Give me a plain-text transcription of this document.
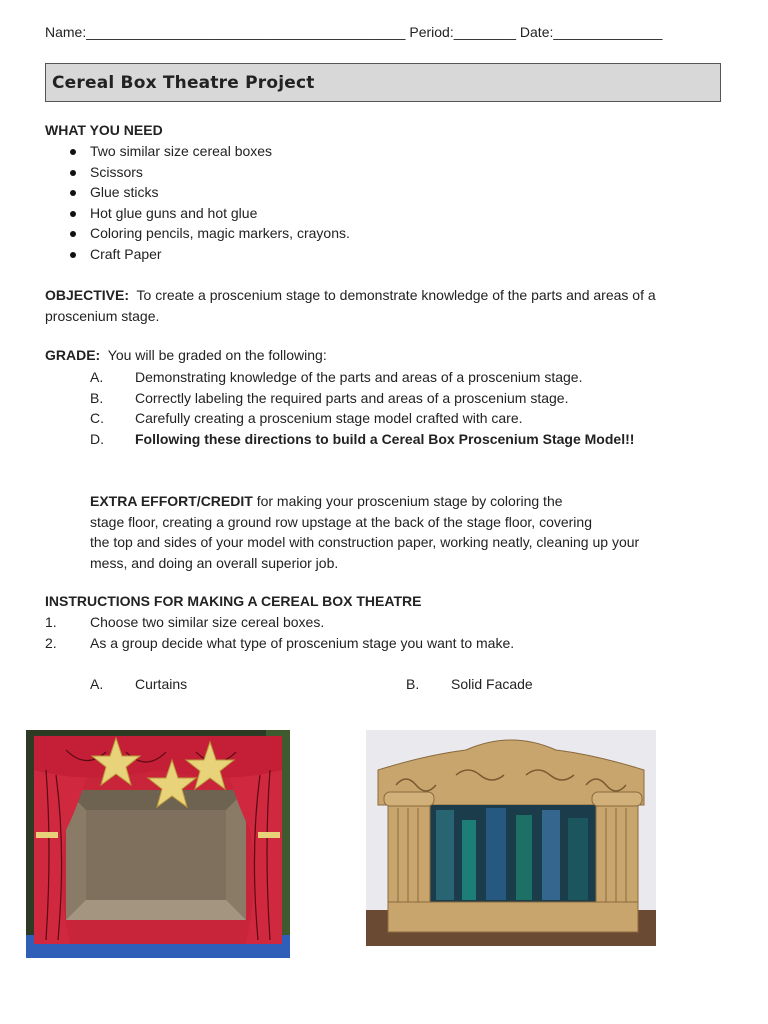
Name:_________________________________________ Period:________ Date:______________
Cereal Box Theatre Project
WHAT YOU NEED
Two similar size cereal boxes
Scissors
Glue sticks
Hot glue guns and hot glue
Coloring pencils, magic markers, crayons.
Craft Paper
OBJECTIVE: To create a proscenium stage to demonstrate knowledge of the parts and areas of a proscenium stage.
GRADE: You will be graded on the following:
A. Demonstrating knowledge of the parts and areas of a proscenium stage.
B. Correctly labeling the required parts and areas of a proscenium stage.
C. Carefully creating a proscenium stage model crafted with care.
D. Following these directions to build a Cereal Box Proscenium Stage Model!!
EXTRA EFFORT/CREDIT for making your proscenium stage by coloring the
stage floor, creating a ground row upstage at the back of the stage floor, covering
the top and sides of your model with construction paper, working neatly, cleaning up your
mess, and doing an overall superior job.
INSTRUCTIONS FOR MAKING A CEREAL BOX THEATRE
1. Choose two similar size cereal boxes.
2. As a group decide what type of proscenium stage you want to make.
A. Curtains	B. Solid Facade
